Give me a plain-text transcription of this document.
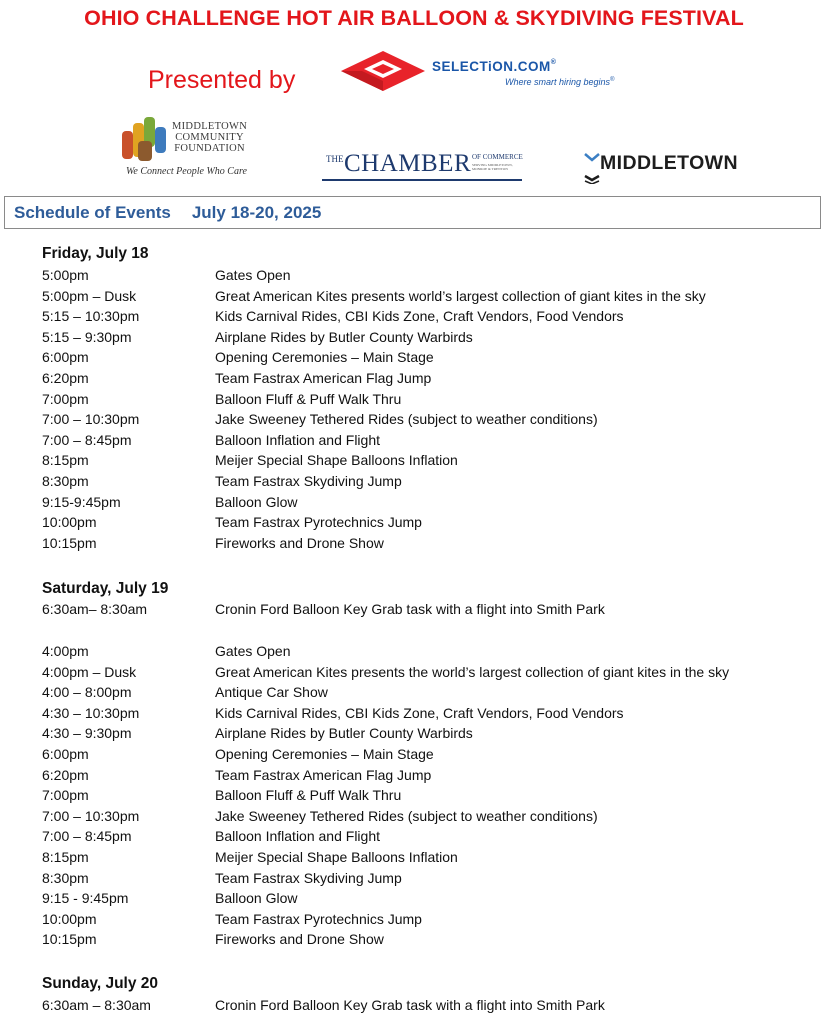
OHIO CHALLENGE HOT AIR BALLOON & SKYDIVING FESTIVAL
Presented by	SELECTiON.COM®
Where smart hiring begins®
MIDDLETOWN
COMMUNITY
FOUNDATION
We Connect People Who Care
THE CHAMBER OF COMMERCE
SERVING MIDDLETOWN, MONROE & TRENTON	MIDDLETOWN
Schedule of Events July 18-20, 2025
Friday, July 18
5:00pm	Gates Open
5:00pm – Dusk	Great American Kites presents world’s largest collection of giant kites in the sky
5:15 – 10:30pm	Kids Carnival Rides, CBI Kids Zone, Craft Vendors, Food Vendors
5:15 – 9:30pm	Airplane Rides by Butler County Warbirds
6:00pm	Opening Ceremonies – Main Stage
6:20pm	Team Fastrax American Flag Jump
7:00pm	Balloon Fluff & Puff Walk Thru
7:00 – 10:30pm	Jake Sweeney Tethered Rides (subject to weather conditions)
7:00 – 8:45pm	Balloon Inflation and Flight
8:15pm	Meijer Special Shape Balloons Inflation
8:30pm	Team Fastrax Skydiving Jump
9:15-9:45pm	Balloon Glow
10:00pm	Team Fastrax Pyrotechnics Jump
10:15pm	Fireworks and Drone Show
Saturday, July 19
6:30am– 8:30am	Cronin Ford Balloon Key Grab task with a flight into Smith Park
4:00pm	Gates Open
4:00pm – Dusk	Great American Kites presents the world’s largest collection of giant kites in the sky
4:00 – 8:00pm	Antique Car Show
4:30 – 10:30pm	Kids Carnival Rides, CBI Kids Zone, Craft Vendors, Food Vendors
4:30 – 9:30pm	Airplane Rides by Butler County Warbirds
6:00pm	Opening Ceremonies – Main Stage
6:20pm	Team Fastrax American Flag Jump
7:00pm	Balloon Fluff & Puff Walk Thru
7:00 – 10:30pm	Jake Sweeney Tethered Rides (subject to weather conditions)
7:00 – 8:45pm	Balloon Inflation and Flight
8:15pm	Meijer Special Shape Balloons Inflation
8:30pm	Team Fastrax Skydiving Jump
9:15 - 9:45pm	Balloon Glow
10:00pm	Team Fastrax Pyrotechnics Jump
10:15pm	Fireworks and Drone Show
Sunday, July 20
6:30am – 8:30am	Cronin Ford Balloon Key Grab task with a flight into Smith Park
